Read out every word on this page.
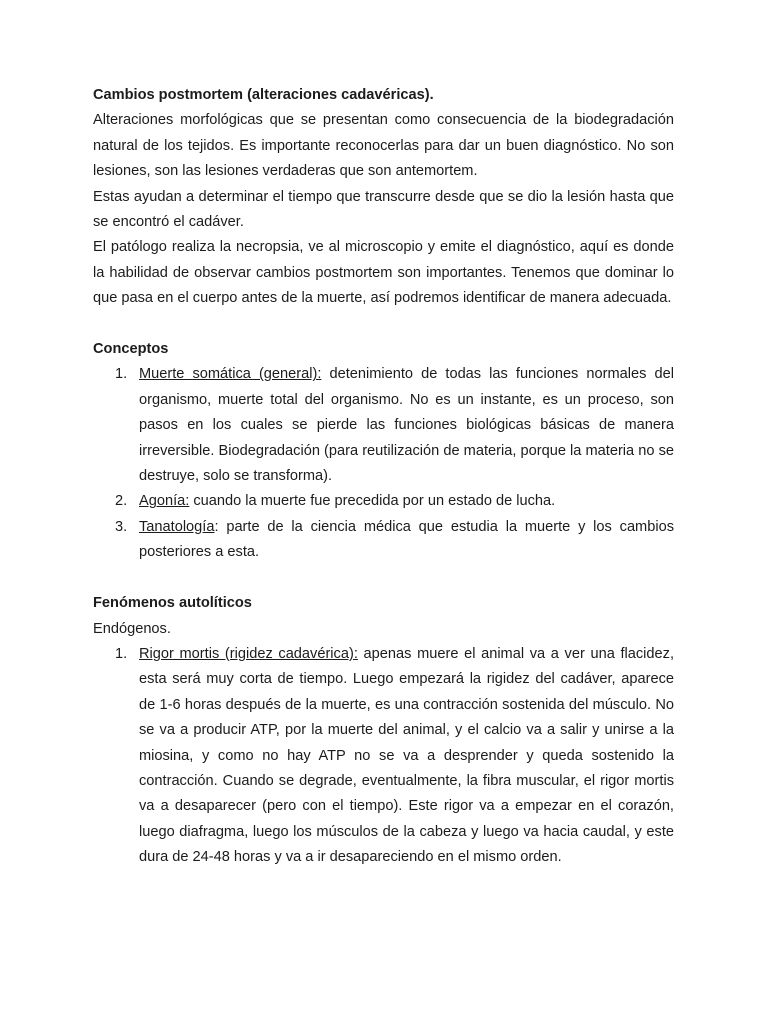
Cambios postmortem (alteraciones cadavéricas).

Alteraciones morfológicas que se presentan como consecuencia de la biodegradación natural de los tejidos. Es importante reconocerlas para dar un buen diagnóstico. No son lesiones, son las lesiones verdaderas que son antemortem.

Estas ayudan a determinar el tiempo que transcurre desde que se dio la lesión hasta que se encontró el cadáver.

El patólogo realiza la necropsia, ve al microscopio y emite el diagnóstico, aquí es donde la habilidad de observar cambios postmortem son importantes. Tenemos que dominar lo que pasa en el cuerpo antes de la muerte, así podremos identificar de manera adecuada.

Conceptos

1. Muerte somática (general): detenimiento de todas las funciones normales del organismo, muerte total del organismo. No es un instante, es un proceso, son pasos en los cuales se pierde las funciones biológicas básicas de manera irreversible. Biodegradación (para reutilización de materia, porque la materia no se destruye, solo se transforma).
2. Agonía: cuando la muerte fue precedida por un estado de lucha.
3. Tanatología: parte de la ciencia médica que estudia la muerte y los cambios posteriores a esta.

Fenómenos autolíticos

Endógenos.

1. Rigor mortis (rigidez cadavérica): apenas muere el animal va a ver una flacidez, esta será muy corta de tiempo. Luego empezará la rigidez del cadáver, aparece de 1-6 horas después de la muerte, es una contracción sostenida del músculo. No se va a producir ATP, por la muerte del animal, y el calcio va a salir y unirse a la miosina, y como no hay ATP no se va a desprender y queda sostenido la contracción. Cuando se degrade, eventualmente, la fibra muscular, el rigor mortis va a desaparecer (pero con el tiempo). Este rigor va a empezar en el corazón, luego diafragma, luego los músculos de la cabeza y luego va hacia caudal, y este dura de 24-48 horas y va a ir desapareciendo en el mismo orden.
